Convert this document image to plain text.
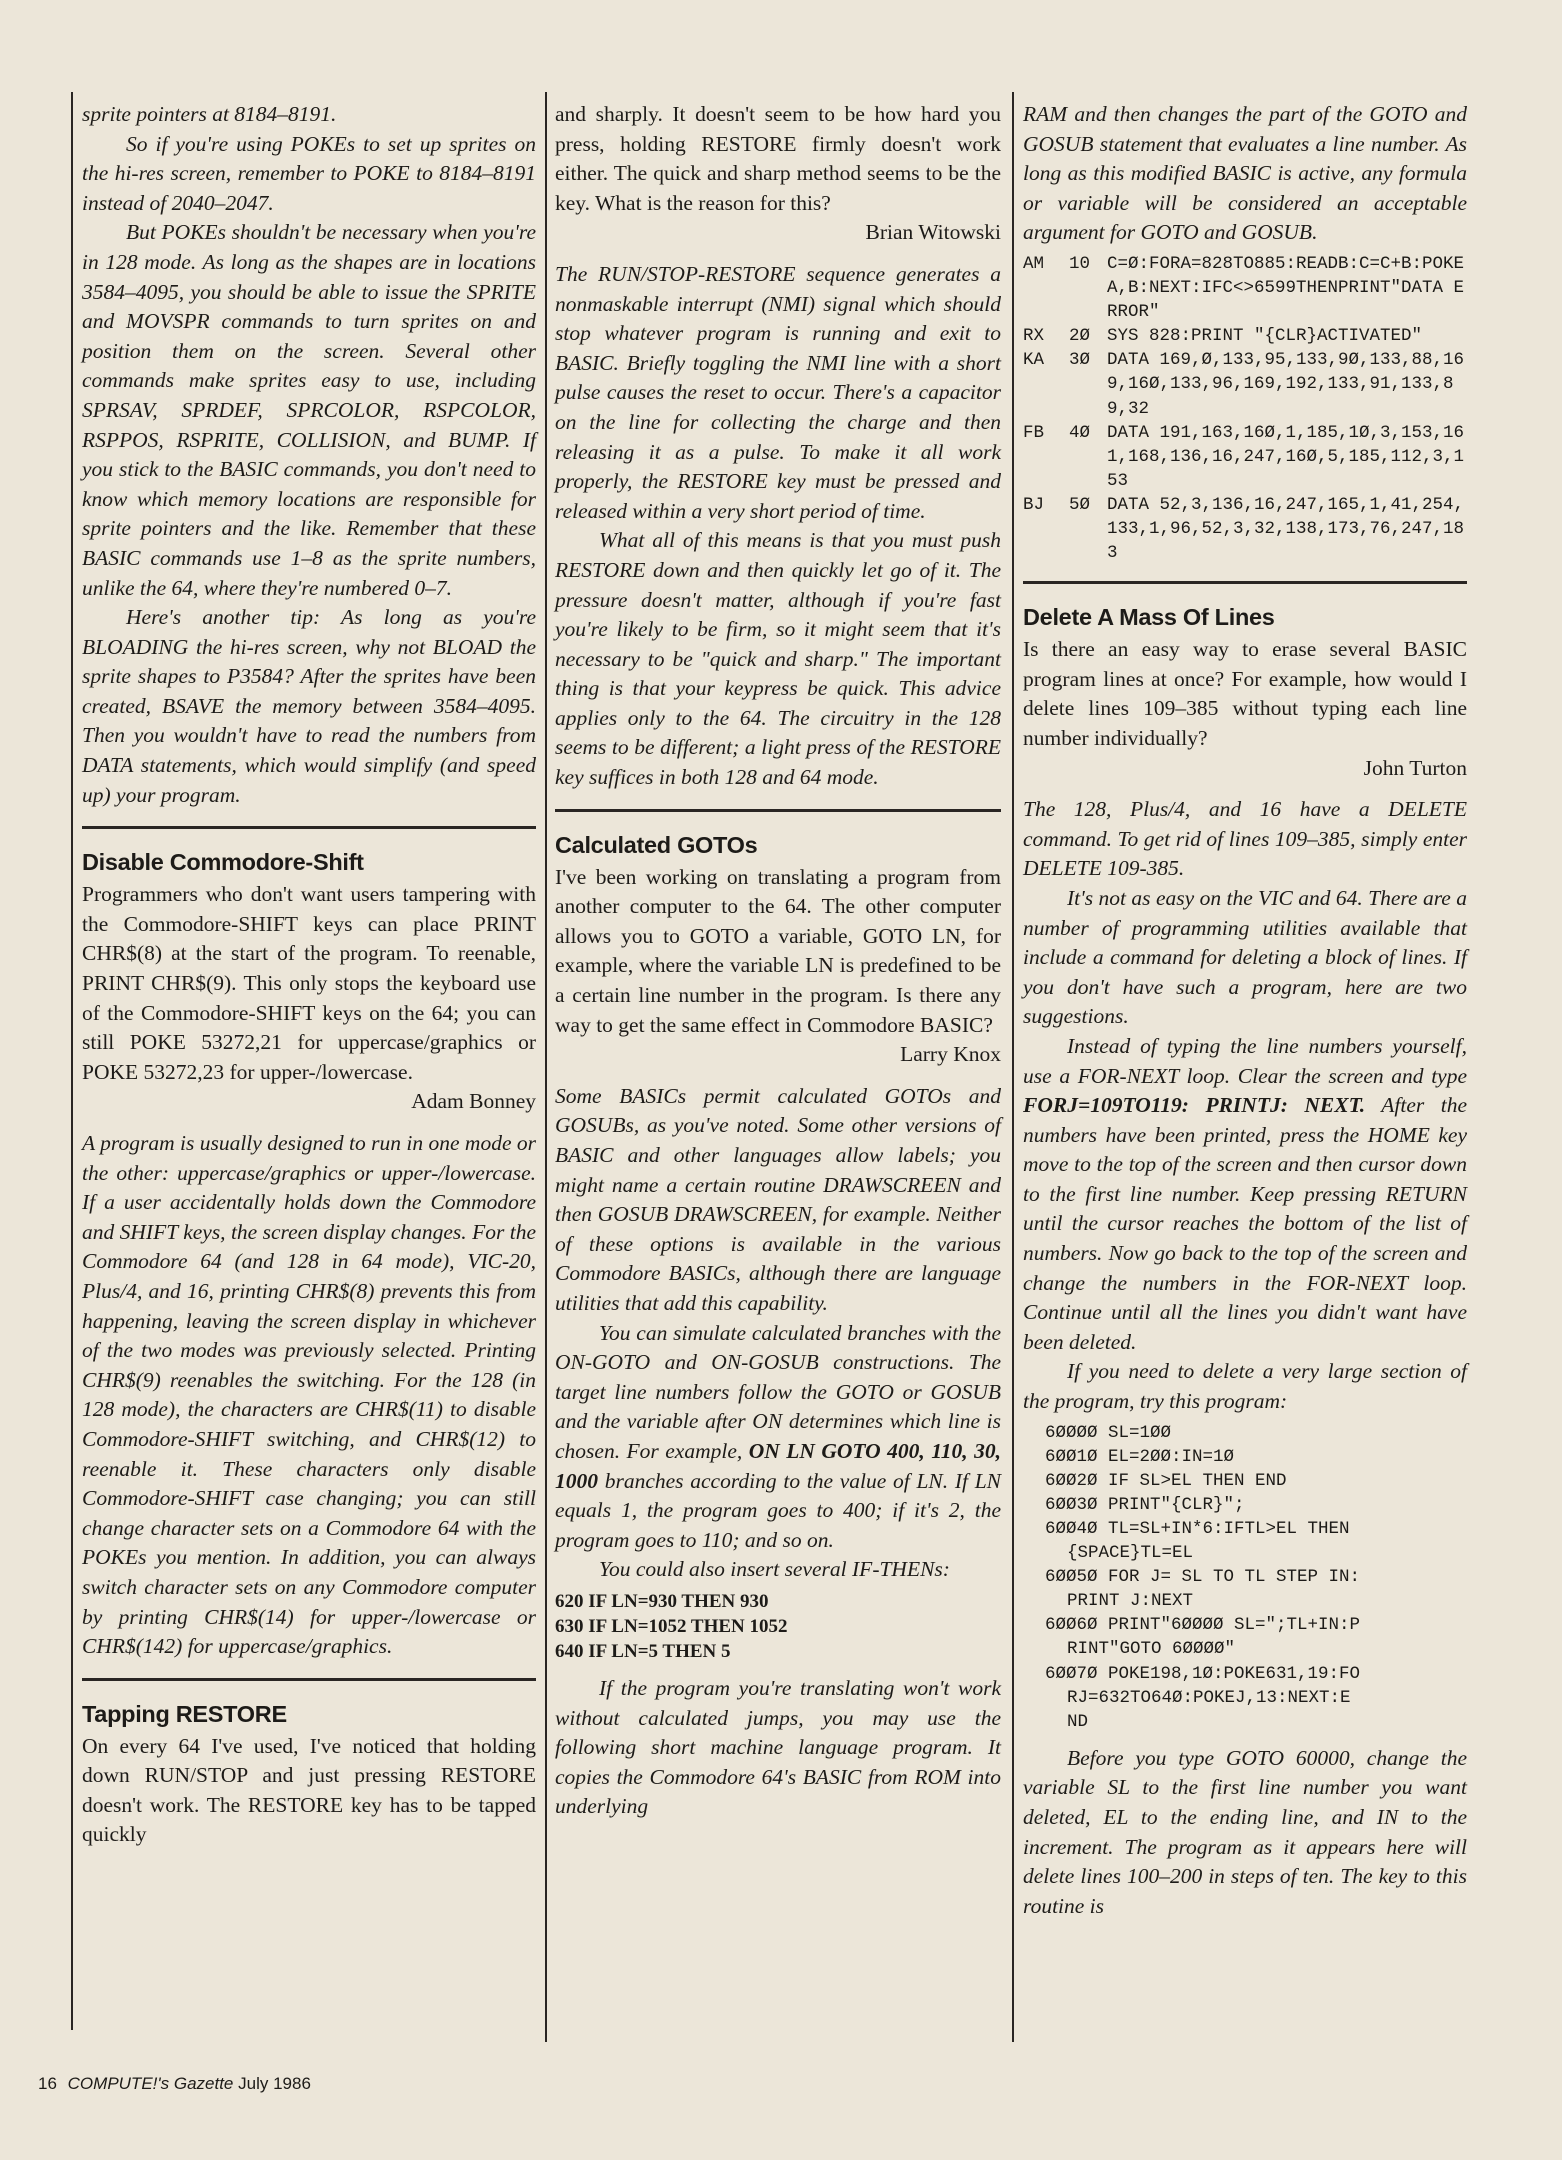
sprite pointers at 8184–8191.

So if you're using POKEs to set up sprites on the hi-res screen, remember to POKE to 8184–8191 instead of 2040–2047.

But POKEs shouldn't be necessary when you're in 128 mode. As long as the shapes are in locations 3584–4095, you should be able to issue the SPRITE and MOVSPR commands to turn sprites on and position them on the screen. Several other commands make sprites easy to use, including SPRSAV, SPRDEF, SPRCOLOR, RSPCOLOR, RSPPOS, RSPRITE, COLLISION, and BUMP. If you stick to the BASIC commands, you don't need to know which memory locations are responsible for sprite pointers and the like. Remember that these BASIC commands use 1–8 as the sprite numbers, unlike the 64, where they're numbered 0–7.

Here's another tip: As long as you're BLOADING the hi-res screen, why not BLOAD the sprite shapes to P3584? After the sprites have been created, BSAVE the memory between 3584–4095. Then you wouldn't have to read the numbers from DATA statements, which would simplify (and speed up) your program.

Disable Commodore-Shift

Programmers who don't want users tampering with the Commodore-SHIFT keys can place PRINT CHR$(8) at the start of the program. To reenable, PRINT CHR$(9). This only stops the keyboard use of the Commodore-SHIFT keys on the 64; you can still POKE 53272,21 for uppercase/graphics or POKE 53272,23 for upper-/lowercase.

Adam Bonney

A program is usually designed to run in one mode or the other: uppercase/graphics or upper-/lowercase. If a user accidentally holds down the Commodore and SHIFT keys, the screen display changes. For the Commodore 64 (and 128 in 64 mode), VIC-20, Plus/4, and 16, printing CHR$(8) prevents this from happening, leaving the screen display in whichever of the two modes was previously selected. Printing CHR$(9) reenables the switching. For the 128 (in 128 mode), the characters are CHR$(11) to disable Commodore-SHIFT switching, and CHR$(12) to reenable it. These characters only disable Commodore-SHIFT case changing; you can still change character sets on a Commodore 64 with the POKEs you mention. In addition, you can always switch character sets on any Commodore computer by printing CHR$(14) for upper-/lowercase or CHR$(142) for uppercase/graphics.

Tapping RESTORE

On every 64 I've used, I've noticed that holding down RUN/STOP and just pressing RESTORE doesn't work. The RESTORE key has to be tapped quickly

and sharply. It doesn't seem to be how hard you press, holding RESTORE firmly doesn't work either. The quick and sharp method seems to be the key. What is the reason for this?

Brian Witowski

The RUN/STOP-RESTORE sequence generates a nonmaskable interrupt (NMI) signal which should stop whatever program is running and exit to BASIC. Briefly toggling the NMI line with a short pulse causes the reset to occur. There's a capacitor on the line for collecting the charge and then releasing it as a pulse. To make it all work properly, the RESTORE key must be pressed and released within a very short period of time.

What all of this means is that you must push RESTORE down and then quickly let go of it. The pressure doesn't matter, although if you're fast you're likely to be firm, so it might seem that it's necessary to be "quick and sharp." The important thing is that your keypress be quick. This advice applies only to the 64. The circuitry in the 128 seems to be different; a light press of the RESTORE key suffices in both 128 and 64 mode.

Calculated GOTOs

I've been working on translating a program from another computer to the 64. The other computer allows you to GOTO a variable, GOTO LN, for example, where the variable LN is predefined to be a certain line number in the program. Is there any way to get the same effect in Commodore BASIC?

Larry Knox

Some BASICs permit calculated GOTOs and GOSUBs, as you've noted. Some other versions of BASIC and other languages allow labels; you might name a certain routine DRAWSCREEN and then GOSUB DRAWSCREEN, for example. Neither of these options is available in the various Commodore BASICs, although there are language utilities that add this capability.

You can simulate calculated branches with the ON-GOTO and ON-GOSUB constructions. The target line numbers follow the GOTO or GOSUB and the variable after ON determines which line is chosen. For example, ON LN GOTO 400, 110, 30, 1000 branches according to the value of LN. If LN equals 1, the program goes to 400; if it's 2, the program goes to 110; and so on.

You could also insert several IF-THENs:

620 IF LN=930 THEN 930
630 IF LN=1052 THEN 1052
640 IF LN=5 THEN 5

If the program you're translating won't work without calculated jumps, you may use the following short machine language program. It copies the Commodore 64's BASIC from ROM into underlying

RAM and then changes the part of the GOTO and GOSUB statement that evaluates a line number. As long as this modified BASIC is active, any formula or variable will be considered an acceptable argument for GOTO and GOSUB.

AM	10 C=Ø:FORA=828TO885:READB:C=C+B:POKEA,B:NEXT:IFC<>6599THENPRINT"DATA ERROR"
RX	2Ø SYS 828:PRINT "{CLR}ACTIVATED"
KA	3Ø DATA 169,Ø,133,95,133,9Ø,133,88,169,16Ø,133,96,169,192,133,91,133,89,32
FB	4Ø DATA 191,163,16Ø,1,185,1Ø,3,153,161,168,136,16,247,16Ø,5,185,112,3,153
BJ	5Ø DATA 52,3,136,16,247,165,1,41,254,133,1,96,52,3,32,138,173,76,247,183
Delete A Mass Of Lines

Is there an easy way to erase several BASIC program lines at once? For example, how would I delete lines 109–385 without typing each line number individually?

John Turton

The 128, Plus/4, and 16 have a DELETE command. To get rid of lines 109–385, simply enter DELETE 109-385.

It's not as easy on the VIC and 64. There are a number of programming utilities available that include a command for deleting a block of lines. If you don't have such a program, here are two suggestions.

Instead of typing the line numbers yourself, use a FOR-NEXT loop. Clear the screen and type FORJ=109TO119: PRINTJ: NEXT. After the numbers have been printed, press the HOME key move to the top of the screen and then cursor down to the first line number. Keep pressing RETURN until the cursor reaches the bottom of the list of numbers. Now go back to the top of the screen and change the numbers in the FOR-NEXT loop. Continue until all the lines you didn't want have been deleted.

If you need to delete a very large section of the program, try this program:

6ØØØØ SL=1ØØ
6ØØ1Ø EL=2ØØ:IN=1Ø
6ØØ2Ø IF SL>EL THEN END
6ØØ3Ø PRINT"{CLR}";
6ØØ4Ø TL=SL+IN*6:IFTL>EL THEN
{SPACE}TL=EL
6ØØ5Ø FOR J= SL TO TL STEP IN:
PRINT J:NEXT
6ØØ6Ø PRINT"6ØØØØ SL=";TL+IN:P
RINT"GOTO 6ØØØØ"
6ØØ7Ø POKE198,1Ø:POKE631,19:FO
RJ=632TO64Ø:POKEJ,13:NEXT:E
ND

Before you type GOTO 60000, change the variable SL to the first line number you want deleted, EL to the ending line, and IN to the increment. The program as it appears here will delete lines 100–200 in steps of ten. The key to this routine is

16 COMPUTE!'s Gazette July 1986
